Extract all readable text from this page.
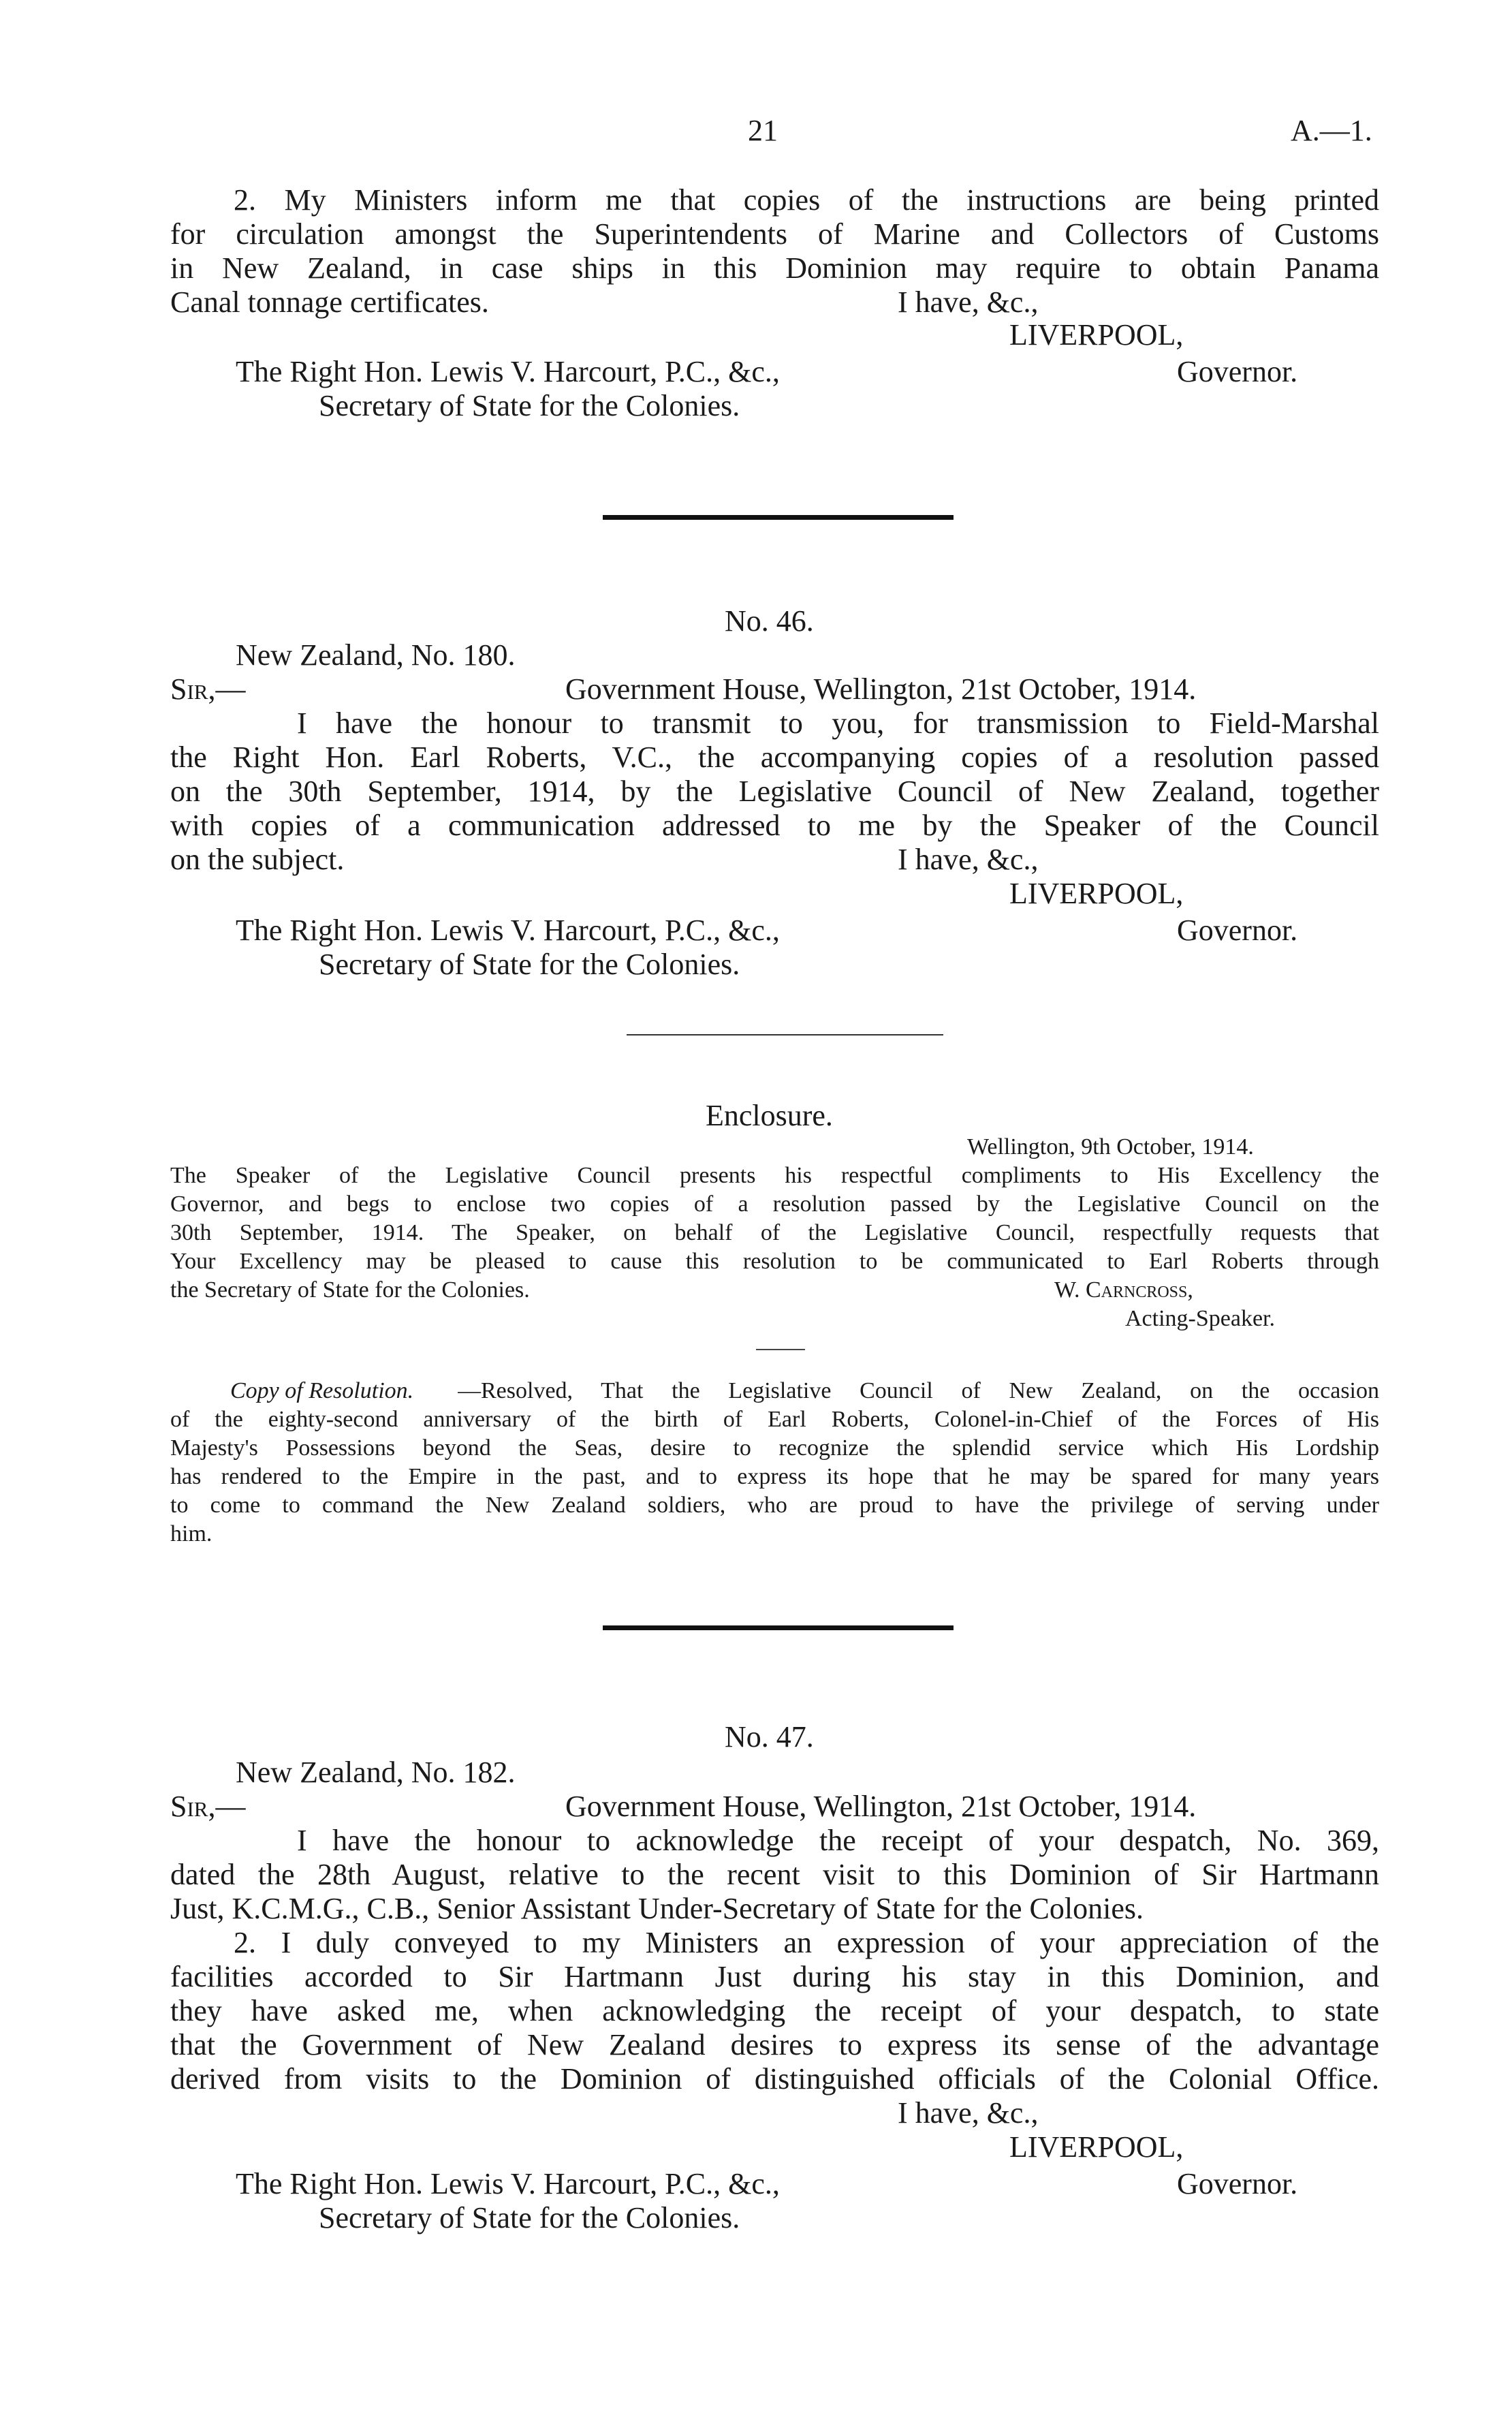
21	A.—1.
2. My Ministers inform me that copies of the instructions are being printed
for circulation amongst the Superintendents of Marine and Collectors of Customs
in New Zealand, in case ships in this Dominion may require to obtain Panama
Canal tonnage certificates.	I have, &c.,
LIVERPOOL,
The Right Hon. Lewis V. Harcourt, P.C., &c.,	Governor.
Secretary of State for the Colonies.
No. 46.
New Zealand, No. 180.
Sir,—	Government House, Wellington, 21st October, 1914.
I have the honour to transmit to you, for transmission to Field-Marshal
the Right Hon. Earl Roberts, V.C., the accompanying copies of a resolution passed
on the 30th September, 1914, by the Legislative Council of New Zealand, together
with copies of a communication addressed to me by the Speaker of the Council
on the subject.	I have, &c.,
LIVERPOOL,
The Right Hon. Lewis V. Harcourt, P.C., &c.,	Governor.
Secretary of State for the Colonies.
Enclosure.
Wellington, 9th October, 1914.
The Speaker of the Legislative Council presents his respectful compliments to His Excellency the
Governor, and begs to enclose two copies of a resolution passed by the Legislative Council on the
30th September, 1914. The Speaker, on behalf of the Legislative Council, respectfully requests that
Your Excellency may be pleased to cause this resolution to be communicated to Earl Roberts through
the Secretary of State for the Colonies.	W. Carncross,
Acting-Speaker.
Copy of Resolution. —Resolved, That the Legislative Council of New Zealand, on the occasion
of the eighty-second anniversary of the birth of Earl Roberts, Colonel-in-Chief of the Forces of His
Majesty's Possessions beyond the Seas, desire to recognize the splendid service which His Lordship
has rendered to the Empire in the past, and to express its hope that he may be spared for many years
to come to command the New Zealand soldiers, who are proud to have the privilege of serving under
him.
No. 47.
New Zealand, No. 182.
Sir,—	Government House, Wellington, 21st October, 1914.
I have the honour to acknowledge the receipt of your despatch, No. 369,
dated the 28th August, relative to the recent visit to this Dominion of Sir Hartmann
Just, K.C.M.G., C.B., Senior Assistant Under-Secretary of State for the Colonies.
2. I duly conveyed to my Ministers an expression of your appreciation of the
facilities accorded to Sir Hartmann Just during his stay in this Dominion, and
they have asked me, when acknowledging the receipt of your despatch, to state
that the Government of New Zealand desires to express its sense of the advantage
derived from visits to the Dominion of distinguished officials of the Colonial Office.
I have, &c.,
LIVERPOOL,
The Right Hon. Lewis V. Harcourt, P.C., &c.,	Governor.
Secretary of State for the Colonies.
